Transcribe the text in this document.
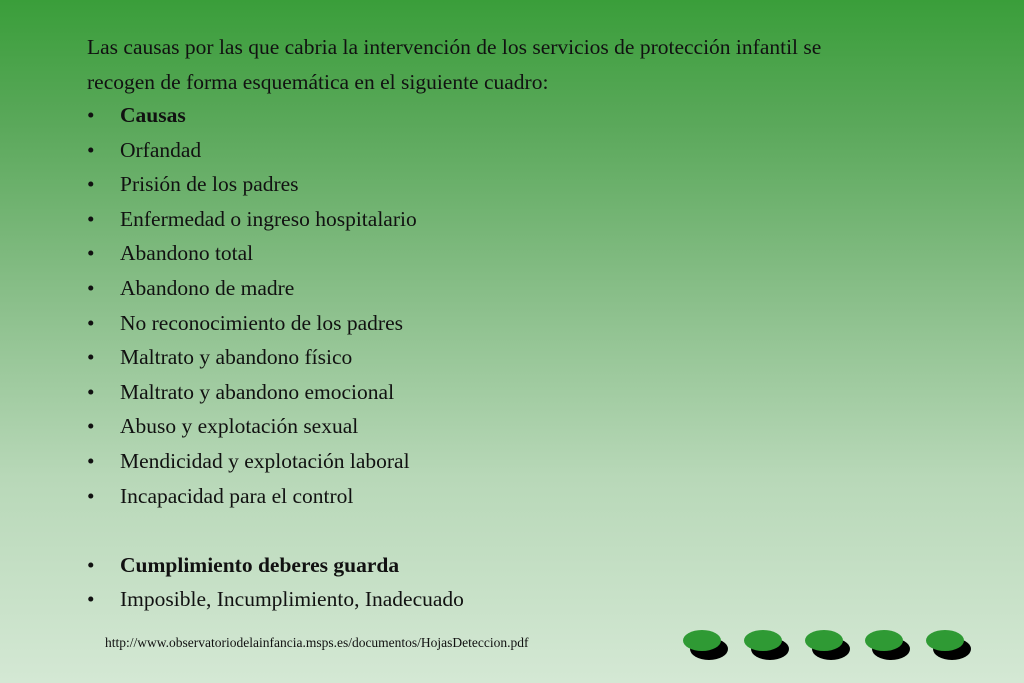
Las causas por las que cabria la intervención de los servicios de protección infantil se
recogen de forma esquemática en el siguiente cuadro:

• Causas
• Orfandad
• Prisión de los padres
• Enfermedad o ingreso hospitalario
• Abandono total
• Abandono de madre
• No reconocimiento de los padres
• Maltrato y abandono físico
• Maltrato y abandono emocional
• Abuso y explotación sexual
• Mendicidad y explotación laboral
• Incapacidad para el control
• Cumplimiento deberes guarda
• Imposible, Incumplimiento, Inadecuado
http://www.observatoriodelainfancia.msps.es/documentos/HojasDeteccion.pdf
